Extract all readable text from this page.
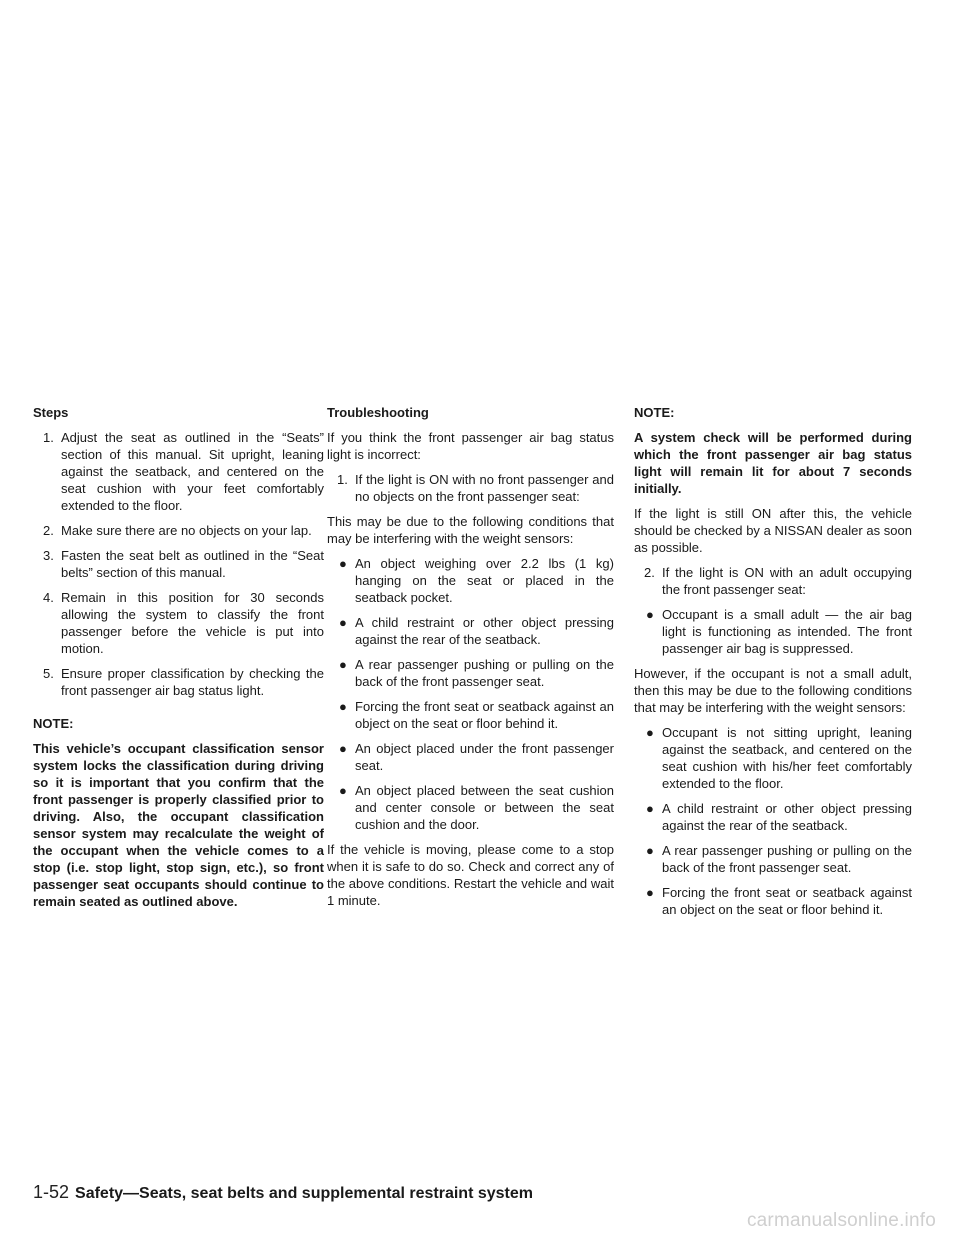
Steps
1. Adjust the seat as outlined in the “Seats” section of this manual. Sit upright, leaning against the seatback, and centered on the seat cushion with your feet comfortably extended to the floor.
2. Make sure there are no objects on your lap.
3. Fasten the seat belt as outlined in the “Seat belts” section of this manual.
4. Remain in this position for 30 seconds allowing the system to classify the front passenger before the vehicle is put into motion.
5. Ensure proper classification by checking the front passenger air bag status light.

NOTE:

This vehicle’s occupant classification sensor system locks the classification during driving so it is important that you confirm that the front passenger is properly classified prior to driving. Also, the occupant classification sensor system may recalculate the weight of the occupant when the vehicle comes to a stop (i.e. stop light, stop sign, etc.), so front passenger seat occupants should continue to remain seated as outlined above.

Troubleshooting

If you think the front passenger air bag status light is incorrect:

1. If the light is ON with no front passenger and no objects on the front passenger seat:

This may be due to the following conditions that may be interfering with the weight sensors:

● An object weighing over 2.2 lbs (1 kg) hanging on the seat or placed in the seatback pocket.
● A child restraint or other object pressing against the rear of the seatback.
● A rear passenger pushing or pulling on the back of the front passenger seat.
● Forcing the front seat or seatback against an object on the seat or floor behind it.
● An object placed under the front passenger seat.
● An object placed between the seat cushion and center console or between the seat cushion and the door.

If the vehicle is moving, please come to a stop when it is safe to do so. Check and correct any of the above conditions. Restart the vehicle and wait 1 minute.

NOTE:

A system check will be performed during which the front passenger air bag status light will remain lit for about 7 seconds initially.

If the light is still ON after this, the vehicle should be checked by a NISSAN dealer as soon as possible.

2. If the light is ON with an adult occupying the front passenger seat:
● Occupant is a small adult — the air bag light is functioning as intended. The front passenger air bag is suppressed.

However, if the occupant is not a small adult, then this may be due to the following conditions that may be interfering with the weight sensors:

● Occupant is not sitting upright, leaning against the seatback, and centered on the seat cushion with his/her feet comfortably extended to the floor.
● A child restraint or other object pressing against the rear of the seatback.
● A rear passenger pushing or pulling on the back of the front passenger seat.
● Forcing the front seat or seatback against an object on the seat or floor behind it.
1-52 Safety—Seats, seat belts and supplemental restraint system
carmanualsonline.info
